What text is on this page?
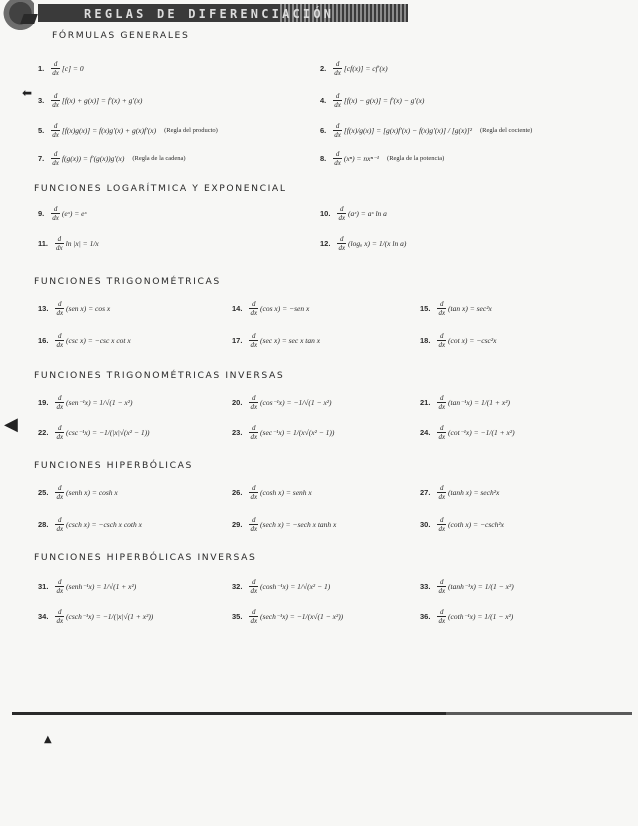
REGLAS DE DIFERENCIACIÓN
FÓRMULAS GENERALES
FUNCIONES LOGARÍTMICA Y EXPONENCIAL
FUNCIONES TRIGONOMÉTRICAS
FUNCIONES TRIGONOMÉTRICAS INVERSAS
FUNCIONES HIPERBÓLICAS
FUNCIONES HIPERBÓLICAS INVERSAS
1. $\frac{d}{dx} [c] = 0$	2. $\frac{d}{dx} [cf(x)] = cf'(x)$
3. $\frac{d}{dx} [f(x) + g(x)] = f'(x) + g'(x)$	4. $\frac{d}{dx} [f(x) - g(x)] = f'(x) - g'(x)$
5. $\frac{d}{dx} [f(x)g(x)] = f(x)g'(x) + g(x)f'(x)$ (Regla del producto)	6. $\frac{d}{dx} [f(x)/g(x)] = [g(x)f'(x) - f(x)g'(x)] / [g(x)]^2$ (Regla del cociente)
7. $\frac{d}{dx} f(g(x)) = f'(g(x))g'(x)$ (Regla de la cadena)	8. $\frac{d}{dx} (x^n) = nx^{n-1}$ (Regla de la potencia)
9. $\frac{d}{dx}$ (eˣ) = eˣ	10. $\frac{d}{dx}$ (aˣ) = aˣ ln a
11. $\frac{d}{dx}$ ln |x| = 1/x	12. $\frac{d}{dx} (\log_a$ x) = 1/(x ln a)
13. $\frac{d}{dx} (sen$ x) = cos x	14. $\frac{d}{dx} (\cos$ x) = −sen x	15. $\frac{d}{dx} (\tan$ x) = sec²x
16. $\frac{d}{dx} (\csc$ x) = −csc x cot x	17. $\frac{d}{dx} (\sec$ x) = sec x tan x	18. $\frac{d}{dx} (\cot$ x) = −csc²x
19. $\frac{d}{dx} (sen^{-1}x) = 1/√(1 - x^2)$	20. $\frac{d}{dx} (\cos^{-1}x) = -1/√(1 - x^2)$	21. $\frac{d}{dx} (\tan^{-1}x) = 1/(1 + x^2)$
22. $\frac{d}{dx} (\csc^{-1}x) = -1/(|x|√(x^2 - 1))$	23. $\frac{d}{dx} (\sec^{-1}x) = 1/(x√(x^2 - 1))$	24. $\frac{d}{dx} (\cot^{-1}x) = -1/(1 + x^2)$
25. $\frac{d}{dx}$ (senh x) = cosh x	26. $\frac{d}{dx} (\cosh$ x) = senh x	27. $\frac{d}{dx} (\tanh$ x) = sech²x
28. $\frac{d}{dx} (\csc h$ x) = −csch x coth x	29. $\frac{d}{dx} (\sec h$ x) = −sech x tanh x	30. $\frac{d}{dx} (\cot h$ x) = −csch²x
31. $\frac{d}{dx}$ (senh⁻¹x) = 1/√(1 + x²)	32. $\frac{d}{dx} (\cosh^{-1}x) = 1/√(x^2 - 1)$	33. $\frac{d}{dx} (\tanh^{-1}x) = 1/(1 - x^2)$
34. $\frac{d}{dx} (\csc h^{-1}x) = -1/(|x|√(1 + x^2))$	35. $\frac{d}{dx} (\sec h^{-1}x) = -1/(x√(1 - x^2))$	36. $\frac{d}{dx} (\cot h^{-1}x) = 1/(1 - x^2)$
⬅
◀
▲
